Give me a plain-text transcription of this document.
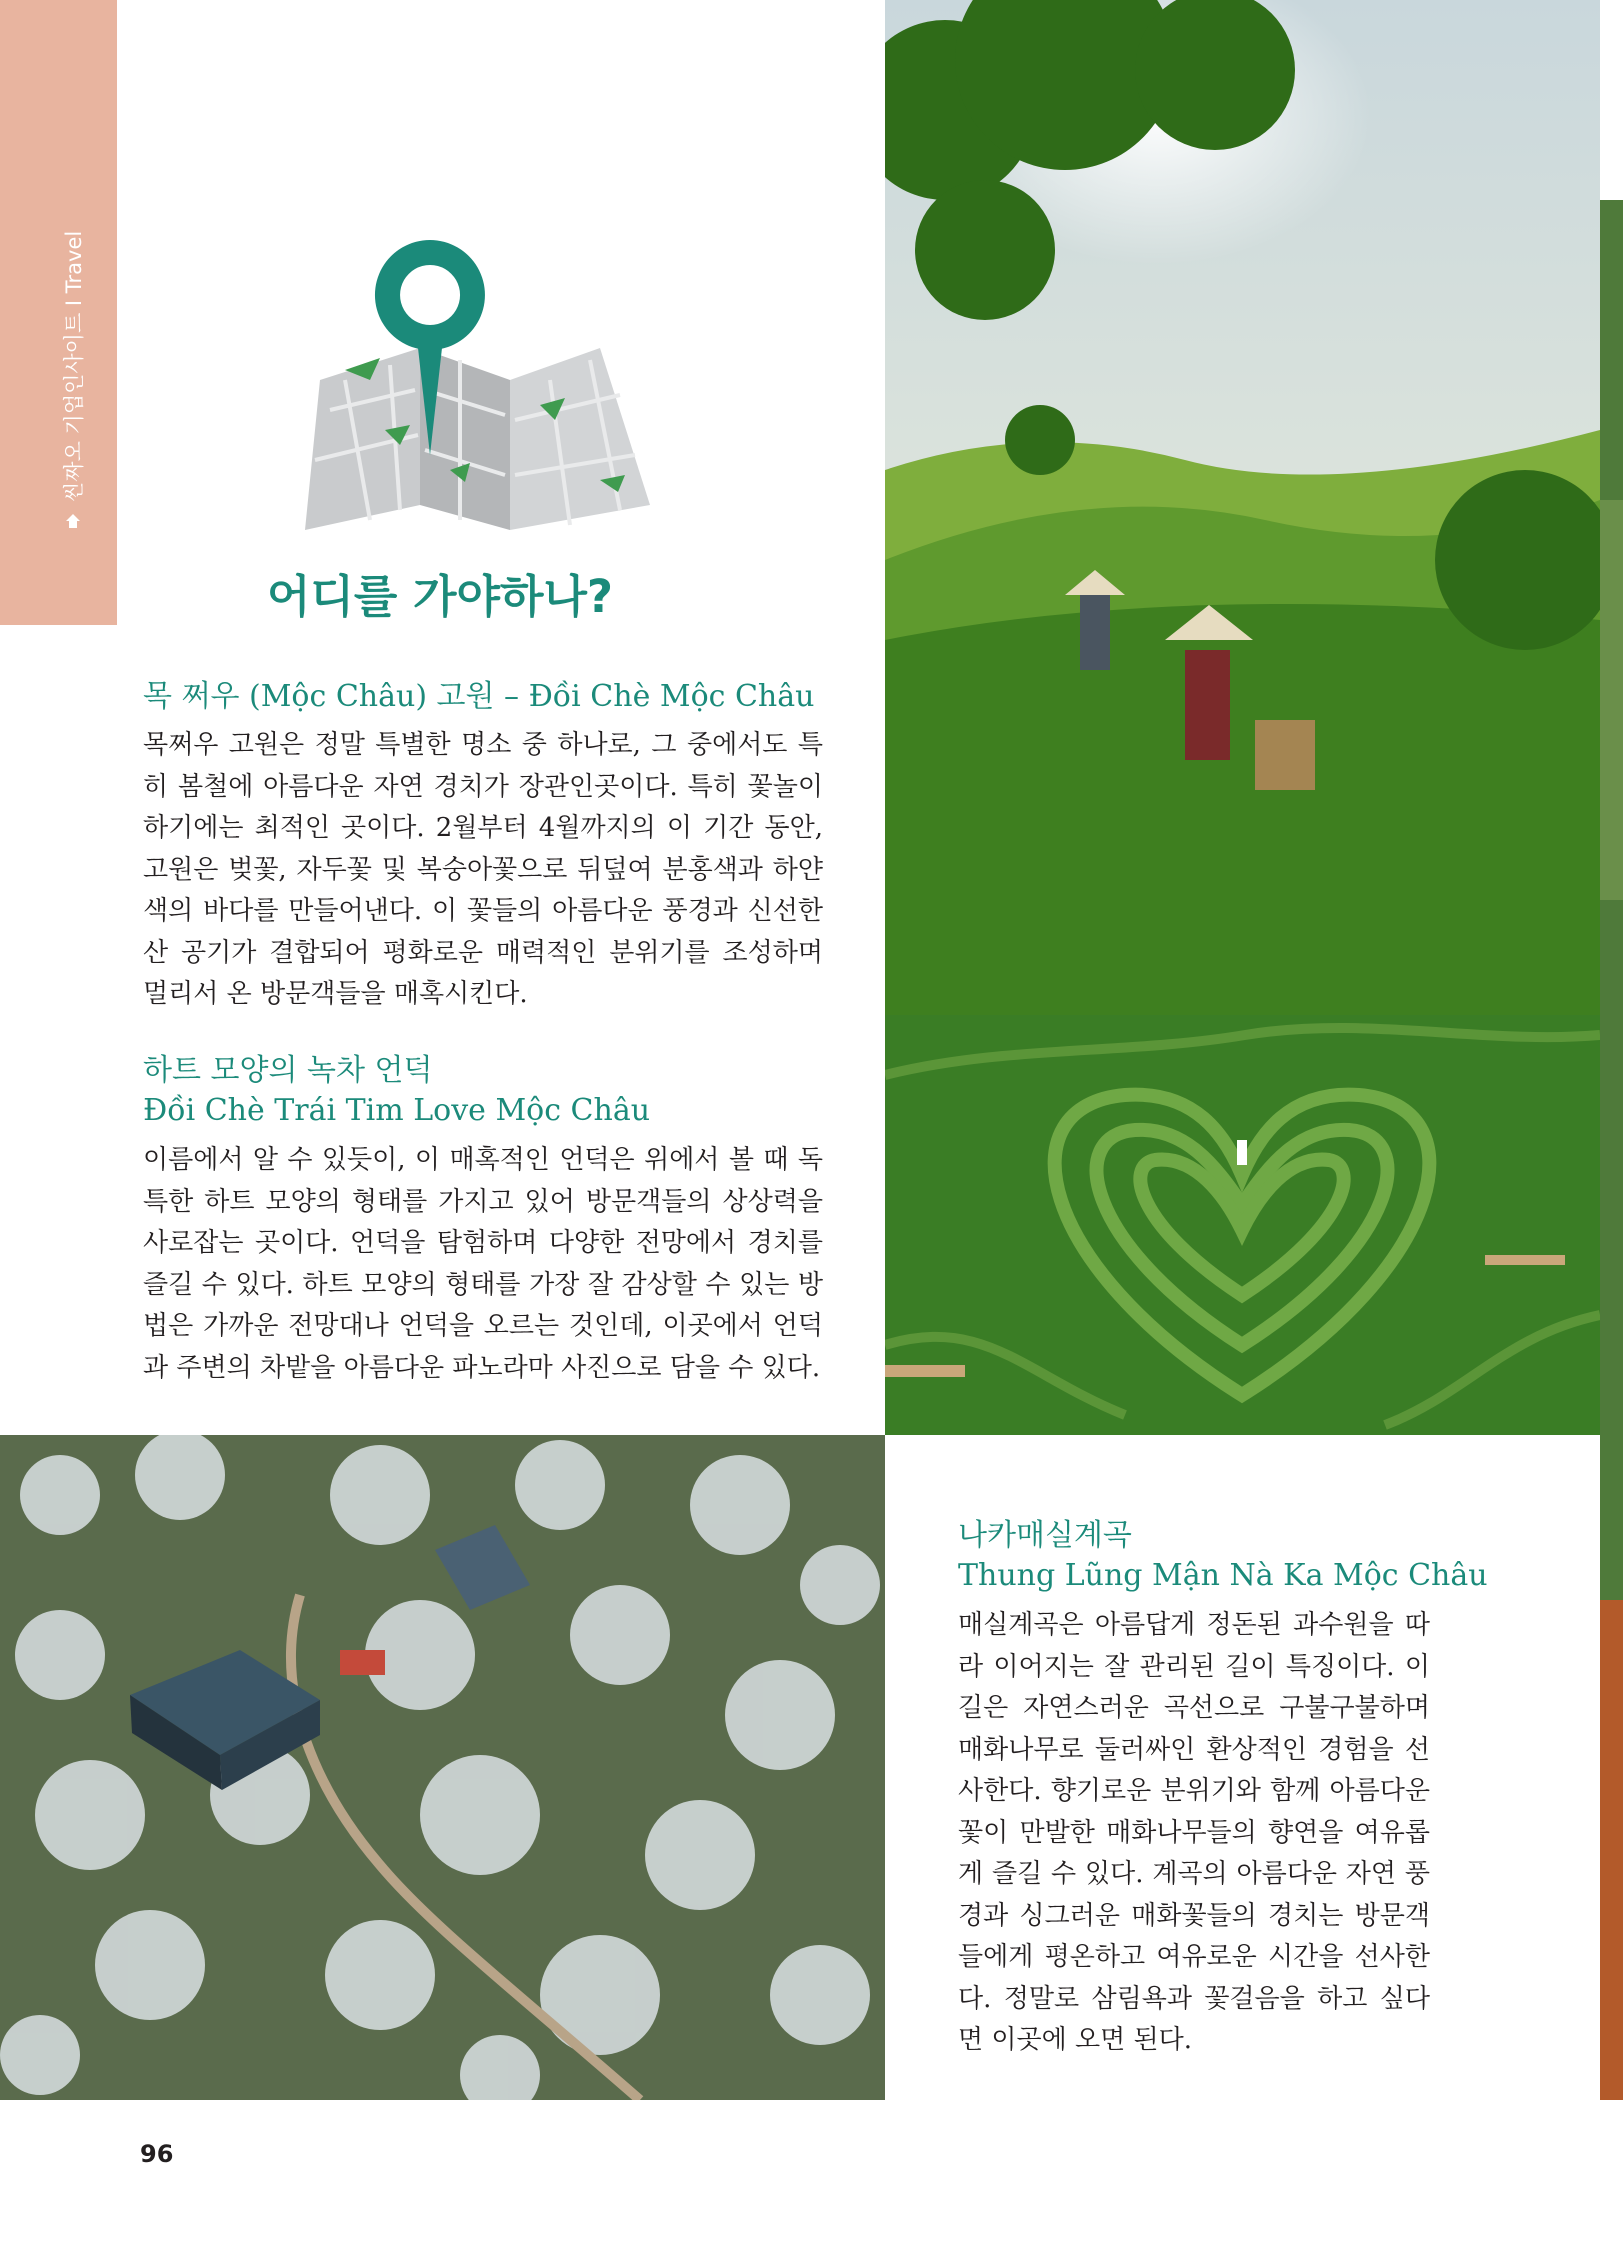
씬짜오 기업인사이트 I Travel
어디를 가야하나?
목 쩌우 (Mộc Châu) 고원 – Đồi Chè Mộc Châu

목쩌우 고원은 정말 특별한 명소 중 하나로, 그 중에서도 특히 봄철에 아름다운 자연 경치가 장관인곳이다. 특히 꽃놀이하기에는 최적인 곳이다. 2월부터 4월까지의 이 기간 동안, 고원은 벚꽃, 자두꽃 및 복숭아꽃으로 뒤덮여 분홍색과 하얀색의 바다를 만들어낸다. 이 꽃들의 아름다운 풍경과 신선한 산 공기가 결합되어 평화로운 매력적인 분위기를 조성하며 멀리서 온 방문객들을 매혹시킨다.

하트 모양의 녹차 언덕
Đồi Chè Trái Tim Love Mộc Châu

이름에서 알 수 있듯이, 이 매혹적인 언덕은 위에서 볼 때 독특한 하트 모양의 형태를 가지고 있어 방문객들의 상상력을 사로잡는 곳이다. 언덕을 탐험하며 다양한 전망에서 경치를 즐길 수 있다. 하트 모양의 형태를 가장 잘 감상할 수 있는 방법은 가까운 전망대나 언덕을 오르는 것인데, 이곳에서 언덕과 주변의 차밭을 아름다운 파노라마 사진으로 담을 수 있다.

나카매실계곡
Thung Lũng Mận Nà Ka Mộc Châu

매실계곡은 아름답게 정돈된 과수원을 따라 이어지는 잘 관리된 길이 특징이다. 이 길은 자연스러운 곡선으로 구불구불하며 매화나무로 둘러싸인 환상적인 경험을 선사한다. 향기로운 분위기와 함께 아름다운 꽃이 만발한 매화나무들의 향연을 여유롭게 즐길 수 있다. 계곡의 아름다운 자연 풍경과 싱그러운 매화꽃들의 경치는 방문객들에게 평온하고 여유로운 시간을 선사한다. 정말로 삼림욕과 꽃걸음을 하고 싶다면 이곳에 오면 된다.

96
